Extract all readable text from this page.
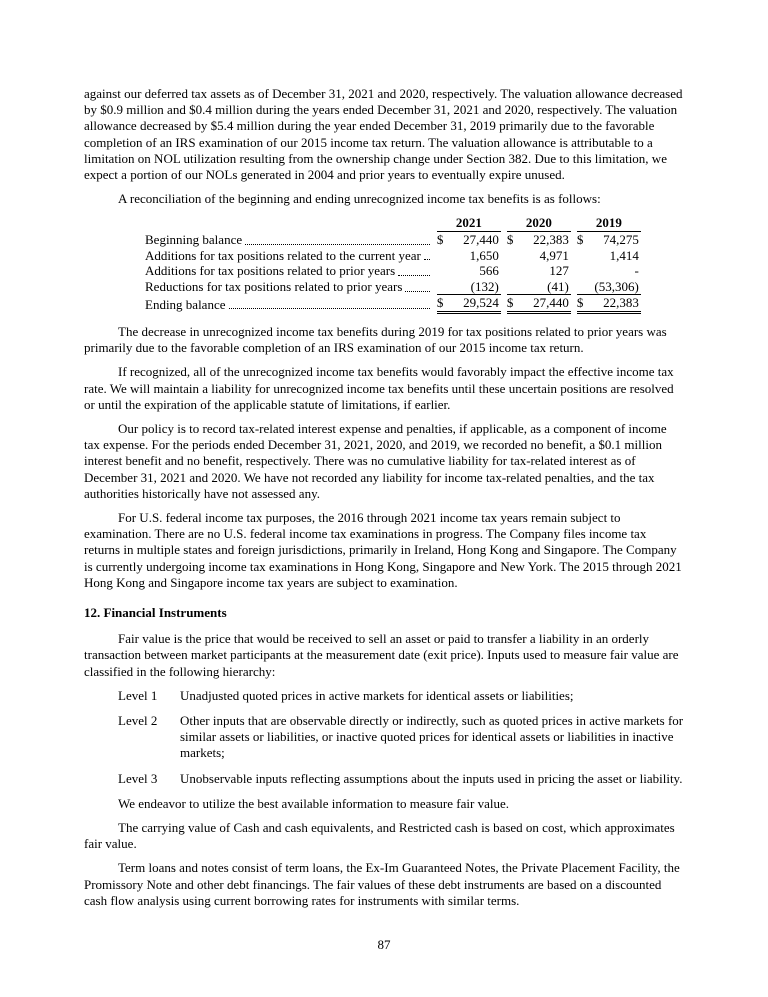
against our deferred tax assets as of December 31, 2021 and 2020, respectively. The valuation allowance decreased by $0.9 million and $0.4 million during the years ended December 31, 2021 and 2020, respectively. The valuation allowance decreased by $5.4 million during the year ended December 31, 2019 primarily due to the favorable completion of an IRS examination of our 2015 income tax return. The valuation allowance is attributable to a limitation on NOL utilization resulting from the ownership change under Section 382. Due to this limitation, we expect a portion of our NOLs generated in 2004 and prior years to eventually expire unused.

A reconciliation of the beginning and ending unrecognized income tax benefits is as follows:

		2021			2020			2019	

Beginning balance		$	27,440		$	22,383		$	74,275

Additions for tax positions related to the current year			1,650			4,971			1,414

Additions for tax positions related to prior years			566			127			-

Reductions for tax positions related to prior years			(132)			(41)			(53,306)

Ending balance		$	29,524		$	27,440		$	22,383

The decrease in unrecognized income tax benefits during 2019 for tax positions related to prior years was primarily due to the favorable completion of an IRS examination of our 2015 income tax return.

If recognized, all of the unrecognized income tax benefits would favorably impact the effective income tax rate. We will maintain a liability for unrecognized income tax benefits until these uncertain positions are resolved or until the expiration of the applicable statute of limitations, if earlier.

Our policy is to record tax-related interest expense and penalties, if applicable, as a component of income tax expense. For the periods ended December 31, 2021, 2020, and 2019, we recorded no benefit, a $0.1 million interest benefit and no benefit, respectively. There was no cumulative liability for tax-related interest as of December 31, 2021 and 2020. We have not recorded any liability for income tax-related penalties, and the tax authorities historically have not assessed any.

For U.S. federal income tax purposes, the 2016 through 2021 income tax years remain subject to examination. There are no U.S. federal income tax examinations in progress. The Company files income tax returns in multiple states and foreign jurisdictions, primarily in Ireland, Hong Kong and Singapore. The Company is currently undergoing income tax examinations in Hong Kong, Singapore and New York. The 2015 through 2021 Hong Kong and Singapore income tax years are subject to examination.

12. Financial Instruments

Fair value is the price that would be received to sell an asset or paid to transfer a liability in an orderly transaction between market participants at the measurement date (exit price). Inputs used to measure fair value are classified in the following hierarchy:

Level 1	Unadjusted quoted prices in active markets for identical assets or liabilities;
Level 2	Other inputs that are observable directly or indirectly, such as quoted prices in active markets for similar assets or liabilities, or inactive quoted prices for identical assets or liabilities in inactive markets;
Level 3	Unobservable inputs reflecting assumptions about the inputs used in pricing the asset or liability.

We endeavor to utilize the best available information to measure fair value.

The carrying value of Cash and cash equivalents, and Restricted cash is based on cost, which approximates fair value.

Term loans and notes consist of term loans, the Ex-Im Guaranteed Notes, the Private Placement Facility, the Promissory Note and other debt financings. The fair values of these debt instruments are based on a discounted cash flow analysis using current borrowing rates for instruments with similar terms.

87
